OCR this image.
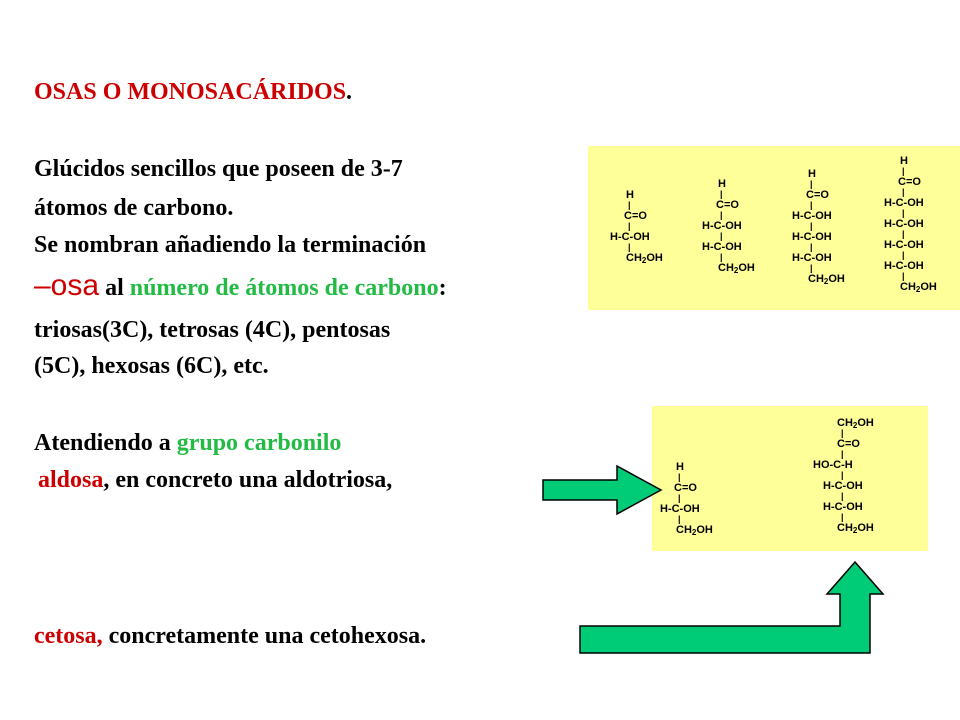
OSAS O MONOSACÁRIDOS.
Glúcidos sencillos que poseen de 3-7
átomos de carbono.
Se nombran añadiendo la terminación
–osa al número de átomos de carbono:
triosas(3C), tetrosas (4C), pentosas
(5C), hexosas (6C), etc.
Atendiendo a grupo carbonilo
aldosa, en concreto una aldotriosa,
cetosa, concretamente una cetohexosa.
H
|
C=O
|
H-C-OH
|
$CH_2OH$
H
|
C=O
|
H-C-OH
|
H-C-OH
|
$CH_2OH$
H
|
C=O
|
H-C-OH
|
H-C-OH
|
H-C-OH
|
$CH_2OH$
H
|
C=O
|
H-C-OH
|
H-C-OH
|
H-C-OH
|
H-C-OH
|
$CH_2OH$
H
|
C=O
|
H-C-OH
|
$CH_2OH$
$CH_2OH$
|
C=O
|
HO-C-H
|
H-C-OH
|
H-C-OH
|
$CH_2OH$
